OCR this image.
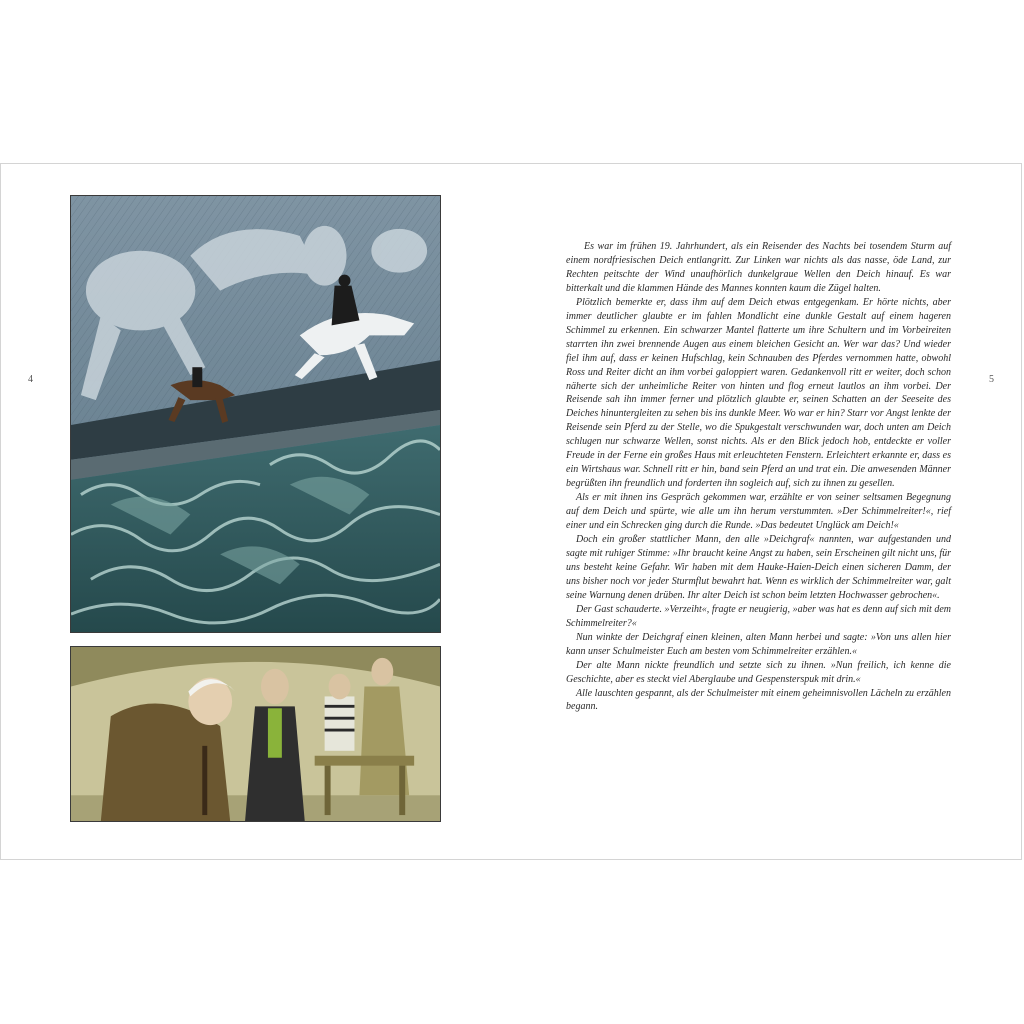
4	5

Es war im frühen 19. Jahrhundert, als ein Reisender des Nachts bei tosendem Sturm auf einem nordfriesischen Deich entlangritt. Zur Linken war nichts als das nasse, öde Land, zur Rechten peitschte der Wind unaufhörlich dunkelgraue Wellen den Deich hinauf. Es war bitterkalt und die klammen Hände des Mannes konnten kaum die Zügel halten.

Plötzlich bemerkte er, dass ihm auf dem Deich etwas entgegenkam. Er hörte nichts, aber immer deutlicher glaubte er im fahlen Mondlicht eine dunkle Gestalt auf einem hageren Schimmel zu erkennen. Ein schwarzer Mantel flatterte um ihre Schultern und im Vorbeireiten starrten ihn zwei brennende Augen aus einem bleichen Gesicht an. Wer war das? Und wieder fiel ihm auf, dass er keinen Hufschlag, kein Schnauben des Pferdes vernommen hatte, obwohl Ross und Reiter dicht an ihm vorbei galoppiert waren. Gedankenvoll ritt er weiter, doch schon näherte sich der unheimliche Reiter von hinten und flog erneut lautlos an ihm vorbei. Der Reisende sah ihn immer ferner und plötzlich glaubte er, seinen Schatten an der Seeseite des Deiches hinuntergleiten zu sehen bis ins dunkle Meer. Wo war er hin? Starr vor Angst lenkte der Reisende sein Pferd zu der Stelle, wo die Spukgestalt verschwunden war, doch unten am Deich schlugen nur schwarze Wellen, sonst nichts. Als er den Blick jedoch hob, entdeckte er voller Freude in der Ferne ein großes Haus mit erleuchteten Fenstern. Erleichtert erkannte er, dass es ein Wirtshaus war. Schnell ritt er hin, band sein Pferd an und trat ein. Die anwesenden Männer begrüßten ihn freundlich und forderten ihn sogleich auf, sich zu ihnen zu gesellen.

Als er mit ihnen ins Gespräch gekommen war, erzählte er von seiner seltsamen Begegnung auf dem Deich und spürte, wie alle um ihn herum verstummten. »Der Schimmelreiter!«, rief einer und ein Schrecken ging durch die Runde. »Das bedeutet Unglück am Deich!«

Doch ein großer stattlicher Mann, den alle »Deichgraf« nannten, war aufgestanden und sagte mit ruhiger Stimme: »Ihr braucht keine Angst zu haben, sein Erscheinen gilt nicht uns, für uns besteht keine Gefahr. Wir haben mit dem Hauke-Haien-Deich einen sicheren Damm, der uns bisher noch vor jeder Sturmflut bewahrt hat. Wenn es wirklich der Schimmelreiter war, galt seine Warnung denen drüben. Ihr alter Deich ist schon beim letzten Hochwasser gebrochen«.

Der Gast schauderte. »Verzeiht«, fragte er neugierig, »aber was hat es denn auf sich mit dem Schimmelreiter?«

Nun winkte der Deichgraf einen kleinen, alten Mann herbei und sagte: »Von uns allen hier kann unser Schulmeister Euch am besten vom Schimmelreiter erzählen.«

Der alte Mann nickte freundlich und setzte sich zu ihnen. »Nun freilich, ich kenne die Geschichte, aber es steckt viel Aberglaube und Gespensterspuk mit drin.«

Alle lauschten gespannt, als der Schulmeister mit einem geheimnisvollen Lächeln zu erzählen begann.
